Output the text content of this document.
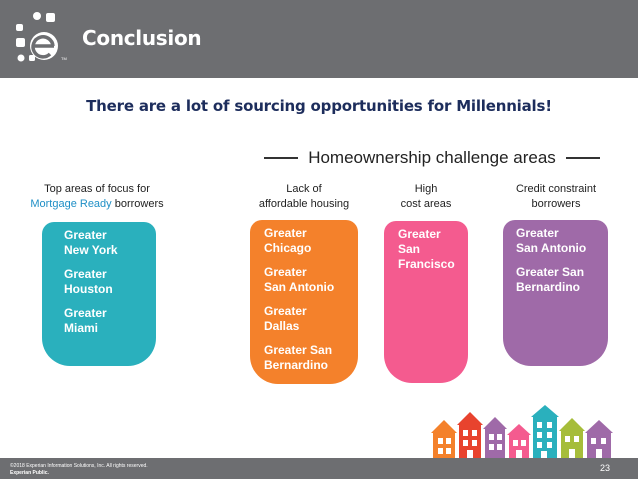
TM
Conclusion
There are a lot of sourcing opportunities for Millennials!
Homeownership challenge areas
Top areas of focus for
Mortgage Ready borrowers
Lack of
affordable housing
High
cost areas
Credit constraint
borrowers
Greater
New York
Greater
Houston
Greater
Miami
Greater
Chicago
Greater
San Antonio
Greater
Dallas
Greater San
Bernardino
Greater
San
Francisco
Greater
San Antonio
Greater San
Bernardino
©2018 Experian Information Solutions, Inc. All rights reserved.
Experian Public.	23
